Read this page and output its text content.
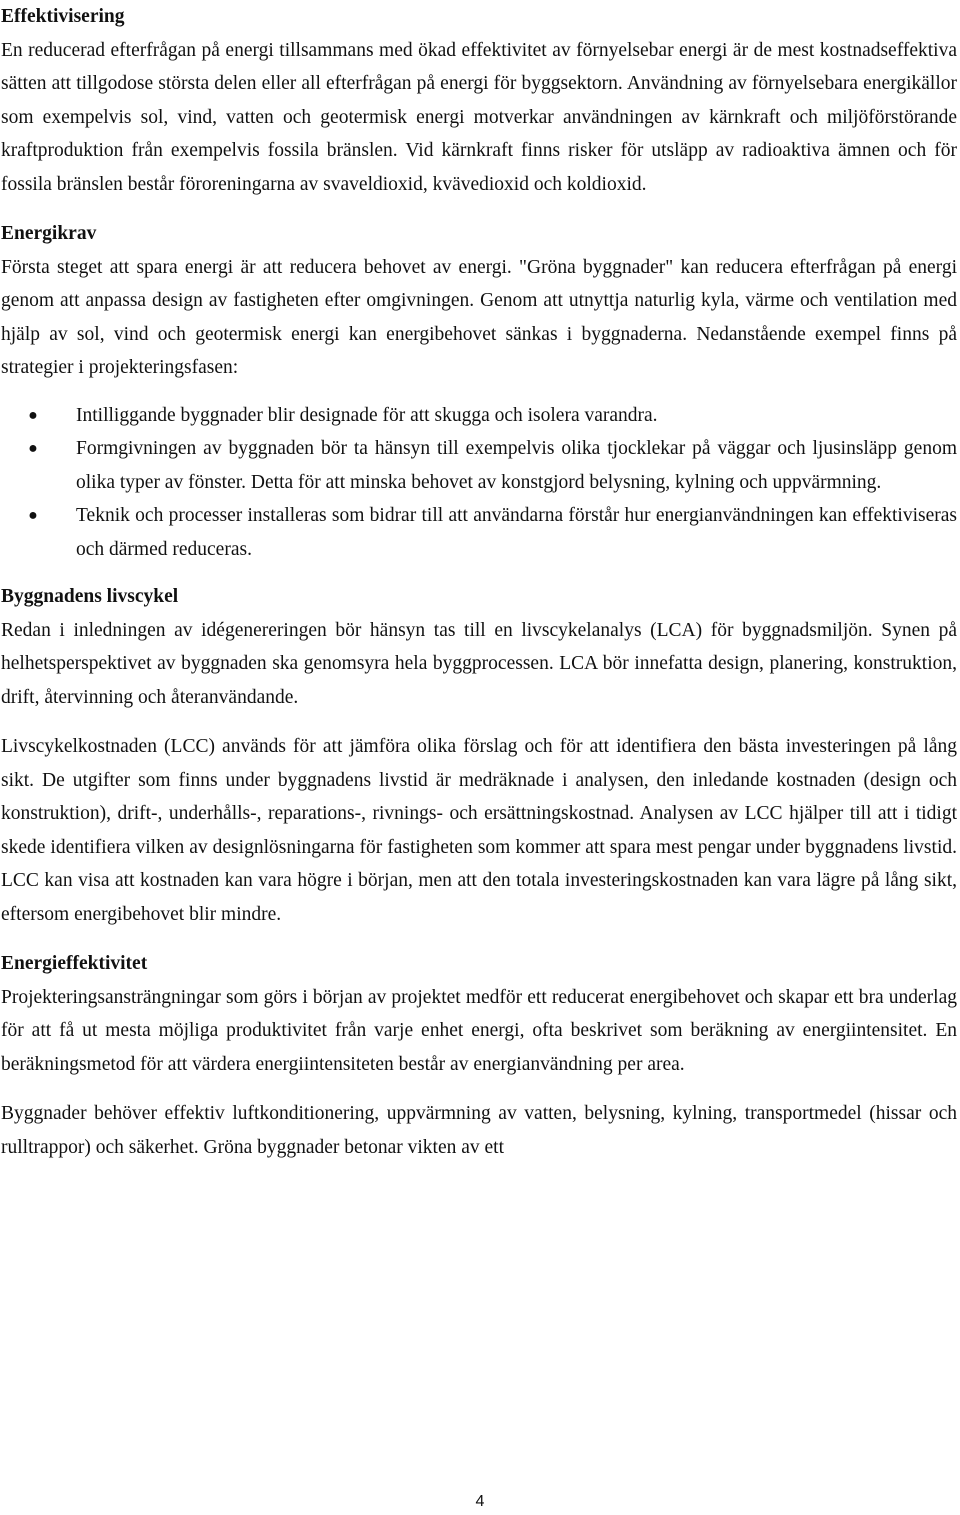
Effektivisering

En reducerad efterfrågan på energi tillsammans med ökad effektivitet av förnyelsebar energi är de mest kostnadseffektiva sätten att tillgodose största delen eller all efterfrågan på energi för byggsektorn. Användning av förnyelsebara energikällor som exempelvis sol, vind, vatten och geotermisk energi motverkar användningen av kärnkraft och miljöförstörande kraftproduktion från exempelvis fossila bränslen. Vid kärnkraft finns risker för utsläpp av radioaktiva ämnen och för fossila bränslen består föroreningarna av svaveldioxid, kvävedioxid och koldioxid.

Energikrav

Första steget att spara energi är att reducera behovet av energi. "Gröna byggnader" kan reducera efterfrågan på energi genom att anpassa design av fastigheten efter omgivningen. Genom att utnyttja naturlig kyla, värme och ventilation med hjälp av sol, vind och geotermisk energi kan energibehovet sänkas i byggnaderna. Nedanstående exempel finns på strategier i projekteringsfasen:

● Intilliggande byggnader blir designade för att skugga och isolera varandra.
● Formgivningen av byggnaden bör ta hänsyn till exempelvis olika tjocklekar på väggar och ljusinsläpp genom olika typer av fönster. Detta för att minska behovet av konstgjord belysning, kylning och uppvärmning.
● Teknik och processer installeras som bidrar till att användarna förstår hur energianvändningen kan effektiviseras och därmed reduceras.
Byggnadens livscykel

Redan i inledningen av idégenereringen bör hänsyn tas till en livscykelanalys (LCA) för byggnadsmiljön. Synen på helhetsperspektivet av byggnaden ska genomsyra hela byggprocessen. LCA bör innefatta design, planering, konstruktion, drift, återvinning och återanvändande.

Livscykelkostnaden (LCC) används för att jämföra olika förslag och för att identifiera den bästa investeringen på lång sikt. De utgifter som finns under byggnadens livstid är medräknade i analysen, den inledande kostnaden (design och konstruktion), drift-, underhålls-, reparations-, rivnings- och ersättningskostnad. Analysen av LCC hjälper till att i tidigt skede identifiera vilken av designlösningarna för fastigheten som kommer att spara mest pengar under byggnadens livstid. LCC kan visa att kostnaden kan vara högre i början, men att den totala investeringskostnaden kan vara lägre på lång sikt, eftersom energibehovet blir mindre.

Energieffektivitet

Projekteringsansträngningar som görs i början av projektet medför ett reducerat energibehovet och skapar ett bra underlag för att få ut mesta möjliga produktivitet från varje enhet energi, ofta beskrivet som beräkning av energiintensitet. En beräkningsmetod för att värdera energiintensiteten består av energianvändning per area.

Byggnader behöver effektiv luftkonditionering, uppvärmning av vatten, belysning, kylning, transportmedel (hissar och rulltrappor) och säkerhet. Gröna byggnader betonar vikten av ett

4
